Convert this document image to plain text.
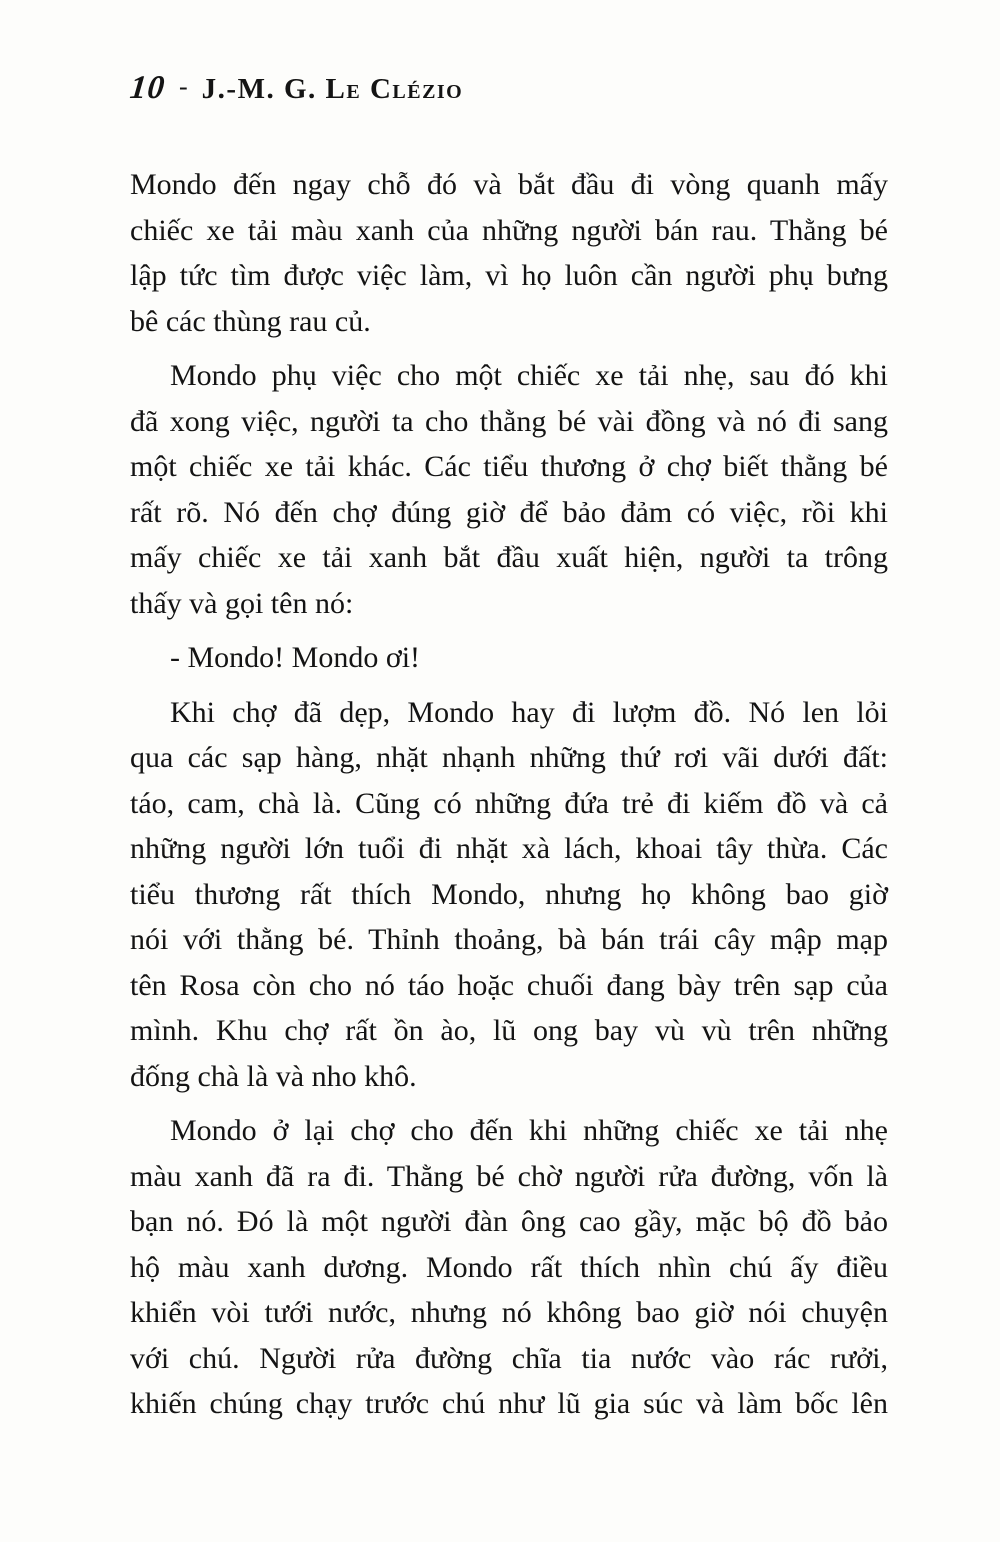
10 - J.-M. G. Le Clézio
Mondo đến ngay chỗ đó và bắt đầu đi vòng quanh mấy
chiếc xe tải màu xanh của những người bán rau. Thằng bé
lập tức tìm được việc làm, vì họ luôn cần người phụ bưng
bê các thùng rau củ.
Mondo phụ việc cho một chiếc xe tải nhẹ, sau đó khi
đã xong việc, người ta cho thằng bé vài đồng và nó đi sang
một chiếc xe tải khác. Các tiểu thương ở chợ biết thằng bé
rất rõ. Nó đến chợ đúng giờ để bảo đảm có việc, rồi khi
mấy chiếc xe tải xanh bắt đầu xuất hiện, người ta trông
thấy và gọi tên nó:
- Mondo! Mondo ơi!
Khi chợ đã dẹp, Mondo hay đi lượm đồ. Nó len lỏi
qua các sạp hàng, nhặt nhạnh những thứ rơi vãi dưới đất:
táo, cam, chà là. Cũng có những đứa trẻ đi kiếm đồ và cả
những người lớn tuổi đi nhặt xà lách, khoai tây thừa. Các
tiểu thương rất thích Mondo, nhưng họ không bao giờ
nói với thằng bé. Thỉnh thoảng, bà bán trái cây mập mạp
tên Rosa còn cho nó táo hoặc chuối đang bày trên sạp của
mình. Khu chợ rất ồn ào, lũ ong bay vù vù trên những
đống chà là và nho khô.
Mondo ở lại chợ cho đến khi những chiếc xe tải nhẹ
màu xanh đã ra đi. Thằng bé chờ người rửa đường, vốn là
bạn nó. Đó là một người đàn ông cao gầy, mặc bộ đồ bảo
hộ màu xanh dương. Mondo rất thích nhìn chú ấy điều
khiển vòi tưới nước, nhưng nó không bao giờ nói chuyện
với chú. Người rửa đường chĩa tia nước vào rác rưởi,
khiến chúng chạy trước chú như lũ gia súc và làm bốc lên
